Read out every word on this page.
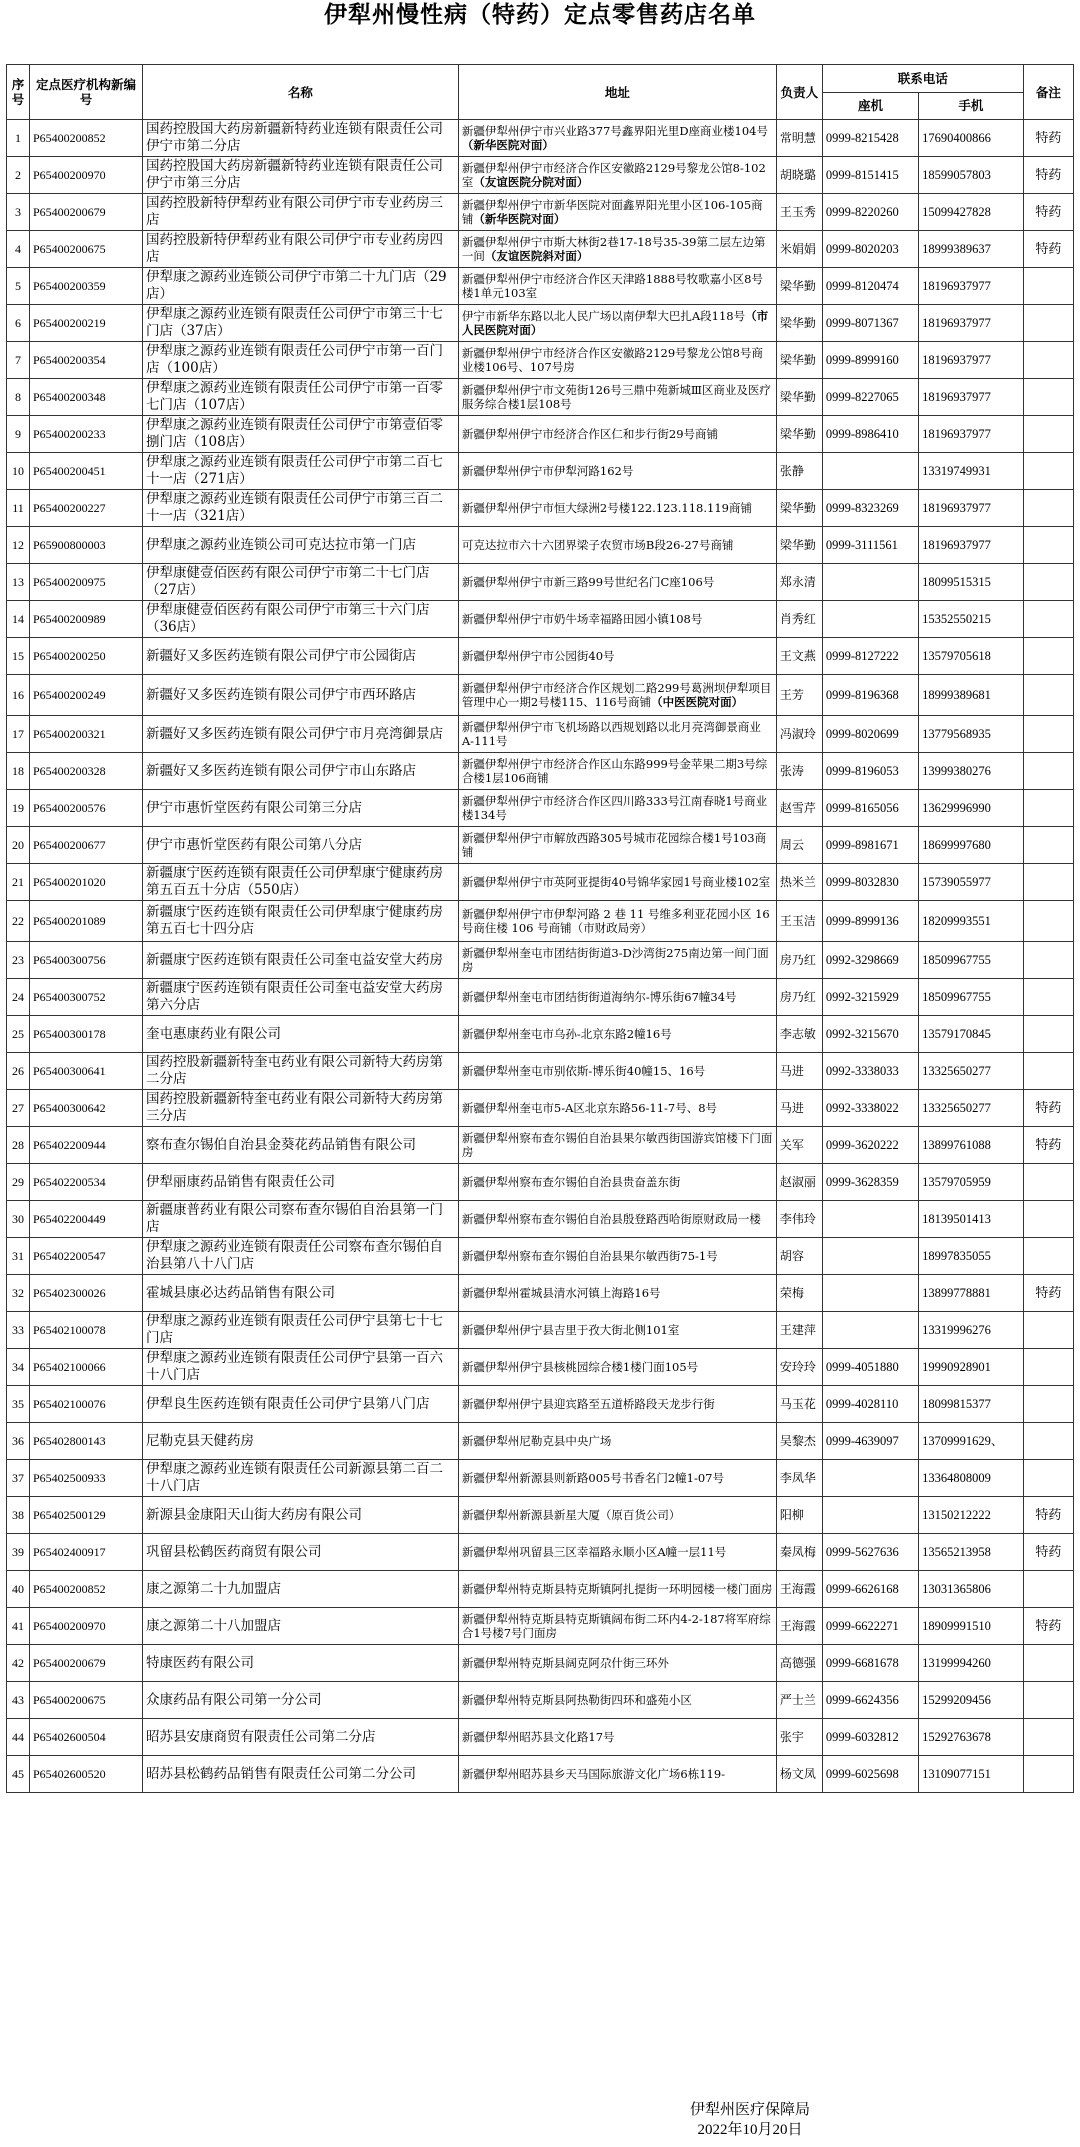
伊犁州慢性病（特药）定点零售药店名单
序号	定点医疗机构新编号	名称	地址	负责人	联系电话		备注
					座机	手机	
1	P65400200852	国药控股国大药房新疆新特药业连锁有限责任公司伊宁市第二分店	新疆伊犁州伊宁市兴业路377号鑫界阳光里D座商业楼104号（新华医院对面）	常明慧	0999-8215428	17690400866	特药
2	P65400200970	国药控股国大药房新疆新特药业连锁有限责任公司伊宁市第三分店	新疆伊犁州伊宁市经济合作区安徽路2129号黎龙公馆8-102室（友谊医院分院对面）	胡晓璐	0999-8151415	18599057803	特药
3	P65400200679	国药控股新特伊犁药业有限公司伊宁市专业药房三店	新疆伊犁州伊宁市新华医院对面鑫界阳光里小区106-105商铺（新华医院对面）	王玉秀	0999-8220260	15099427828	特药
4	P65400200675	国药控股新特伊犁药业有限公司伊宁市专业药房四店	新疆伊犁州伊宁市斯大林街2巷17-18号35-39第二层左边第一间（友谊医院斜对面）	米娟娟	0999-8020203	18999389637	特药
5	P65400200359	伊犁康之源药业连锁公司伊宁市第二十九门店（29店）	新疆伊犁州伊宁市经济合作区天津路1888号牧歌嘉小区8号楼1单元103室	梁华勤	0999-8120474	18196937977	
6	P65400200219	伊犁康之源药业连锁有限责任公司伊宁市第三十七门店（37店）	伊宁市新华东路以北人民广场以南伊犁大巴扎A段118号（市人民医院对面）	梁华勤	0999-8071367	18196937977	
7	P65400200354	伊犁康之源药业连锁有限责任公司伊宁市第一百门店（100店）	新疆伊犁州伊宁市经济合作区安徽路2129号黎龙公馆8号商业楼106号、107号房	梁华勤	0999-8999160	18196937977	
8	P65400200348	伊犁康之源药业连锁有限责任公司伊宁市第一百零七门店（107店）	新疆伊犁州伊宁市文苑街126号三鼎中苑新城Ⅲ区商业及医疗服务综合楼1层108号	梁华勤	0999-8227065	18196937977	
9	P65400200233	伊犁康之源药业连锁有限责任公司伊宁市第壹佰零捌门店（108店）	新疆伊犁州伊宁市经济合作区仁和步行街29号商铺	梁华勤	0999-8986410	18196937977	
10	P65400200451	伊犁康之源药业连锁有限责任公司伊宁市第二百七十一店（271店）	新疆伊犁州伊宁市伊犁河路162号	张静		13319749931	
11	P65400200227	伊犁康之源药业连锁有限责任公司伊宁市第三百二十一店（321店）	新疆伊犁州伊宁市恒大绿洲2号楼122.123.118.119商铺	梁华勤	0999-8323269	18196937977	
12	P65900800003	伊犁康之源药业连锁公司可克达拉市第一门店	可克达拉市六十六团界梁子农贸市场B段26-27号商铺	梁华勤	0999-3111561	18196937977	
13	P65400200975	伊犁康健壹佰医药有限公司伊宁市第二十七门店（27店）	新疆伊犁州伊宁市新三路99号世纪名门C座106号	郑永清		18099515315	
14	P65400200989	伊犁康健壹佰医药有限公司伊宁市第三十六门店（36店）	新疆伊犁州伊宁市奶牛场幸福路田园小镇108号	肖秀红		15352550215	
15	P65400200250	新疆好又多医药连锁有限公司伊宁市公园街店	新疆伊犁州伊宁市公园街40号	王文燕	0999-8127222	13579705618	
16	P65400200249	新疆好又多医药连锁有限公司伊宁市西环路店	新疆伊犁州伊宁市经济合作区规划二路299号葛洲坝伊犁项目管理中心一期2号楼115、116号商铺（中医医院对面）	王芳	0999-8196368	18999389681	
17	P65400200321	新疆好又多医药连锁有限公司伊宁市月亮湾御景店	新疆伊犁州伊宁市飞机场路以西规划路以北月亮湾御景商业A-111号	冯淑玲	0999-8020699	13779568935	
18	P65400200328	新疆好又多医药连锁有限公司伊宁市山东路店	新疆伊犁州伊宁市经济合作区山东路999号金苹果二期3号综合楼1层106商铺	张涛	0999-8196053	13999380276	
19	P65400200576	伊宁市惠忻堂医药有限公司第三分店	新疆伊犁州伊宁市经济合作区四川路333号江南春晓1号商业楼134号	赵雪芹	0999-8165056	13629996990	
20	P65400200677	伊宁市惠忻堂医药有限公司第八分店	新疆伊犁州伊宁市解放西路305号城市花园综合楼1号103商铺	周云	0999-8981671	18699997680	
21	P65400201020	新疆康宁医药连锁有限责任公司伊犁康宁健康药房第五百五十分店（550店）	新疆伊犁州伊宁市英阿亚提街40号锦华家园1号商业楼102室	热米兰	0999-8032830	15739055977	
22	P65400201089	新疆康宁医药连锁有限责任公司伊犁康宁健康药房第五百七十四分店	新疆伊犁州伊宁市伊犁河路 2 巷 11 号维多利亚花园小区 16 号商住楼 106 号商铺（市财政局旁）	王玉洁	0999-8999136	18209993551	
23	P65400300756	新疆康宁医药连锁有限责任公司奎屯益安堂大药房	新疆伊犁州奎屯市团结街街道3-D沙湾街275南边第一间门面房	房乃红	0992-3298669	18509967755	
24	P65400300752	新疆康宁医药连锁有限责任公司奎屯益安堂大药房第六分店	新疆伊犁州奎屯市团结街街道海纳尔-博乐街67幢34号	房乃红	0992-3215929	18509967755	
25	P65400300178	奎屯惠康药业有限公司	新疆伊犁州奎屯市乌孙-北京东路2幢16号	李志敏	0992-3215670	13579170845	
26	P65400300641	国药控股新疆新特奎屯药业有限公司新特大药房第二分店	新疆伊犁州奎屯市别依斯-博乐街40幢15、16号	马进	0992-3338033	13325650277	
27	P65400300642	国药控股新疆新特奎屯药业有限公司新特大药房第三分店	新疆伊犁州奎屯市5-A区北京东路56-11-7号、8号	马进	0992-3338022	13325650277	特药
28	P65402200944	察布查尔锡伯自治县金葵花药品销售有限公司	新疆伊犁州察布查尔锡伯自治县果尔敏西街国游宾馆楼下门面房	关军	0999-3620222	13899761088	特药
29	P65402200534	伊犁丽康药品销售有限责任公司	新疆伊犁州察布查尔锡伯自治县贵奋盖东街	赵淑丽	0999-3628359	13579705959	
30	P65402200449	新疆康普药业有限公司察布查尔锡伯自治县第一门店	新疆伊犁州察布查尔锡伯自治县殷登路西哈街原财政局一楼	李伟玲		18139501413	
31	P65402200547	伊犁康之源药业连锁有限责任公司察布查尔锡伯自治县第八十八门店	新疆伊犁州察布查尔锡伯自治县果尔敏西街75-1号	胡容		18997835055	
32	P65402300026	霍城县康必达药品销售有限公司	新疆伊犁州霍城县清水河镇上海路16号	荣梅		13899778881	特药
33	P65402100078	伊犁康之源药业连锁有限责任公司伊宁县第七十七门店	新疆伊犁州伊宁县吉里于孜大街北侧101室	王建萍		13319996276	
34	P65402100066	伊犁康之源药业连锁有限责任公司伊宁县第一百六十八门店	新疆伊犁州伊宁县核桃园综合楼1楼门面105号	安玲玲	0999-4051880	19990928901	
35	P65402100076	伊犁良生医药连锁有限责任公司伊宁县第八门店	新疆伊犁州伊宁县迎宾路至五道桥路段天龙步行街	马玉花	0999-4028110	18099815377	
36	P65402800143	尼勒克县天健药房	新疆伊犁州尼勒克县中央广场	吴黎杰	0999-4639097	13709991629、	
37	P65402500933	伊犁康之源药业连锁有限责任公司新源县第二百二十八门店	新疆伊犁州新源县则新路005号书香名门2幢1-07号	李凤华		13364808009	
38	P65402500129	新源县金康阳天山街大药房有限公司	新疆伊犁州新源县新星大厦（原百货公司）	阳柳		13150212222	特药
39	P65402400917	巩留县松鹤医药商贸有限公司	新疆伊犁州巩留县三区幸福路永顺小区A幢一层11号	秦凤梅	0999-5627636	13565213958	特药
40	P65400200852	康之源第二十九加盟店	新疆伊犁州特克斯县特克斯镇阿扎提街一环明园楼一楼门面房	王海霞	0999-6626168	13031365806	
41	P65400200970	康之源第二十八加盟店	新疆伊犁州特克斯县特克斯镇阔布街二环内4-2-187将军府综合1号楼7号门面房	王海霞	0999-6622271	18909991510	特药
42	P65400200679	特康医药有限公司	新疆伊犁州特克斯县阔克阿尕什街三环外	高德强	0999-6681678	13199994260	
43	P65400200675	众康药品有限公司第一分公司	新疆伊犁州特克斯县阿热勒街四环和盛苑小区	严士兰	0999-6624356	15299209456	
44	P65402600504	昭苏县安康商贸有限责任公司第二分店	新疆伊犁州昭苏县文化路17号	张宇	0999-6032812	15292763678	
45	P65402600520	昭苏县松鹤药品销售有限责任公司第二分公司	新疆伊犁州昭苏县乡天马国际旅游文化广场6栋119-	杨文凤	0999-6025698	13109077151	
伊犁州医疗保障局
2022年10月20日
